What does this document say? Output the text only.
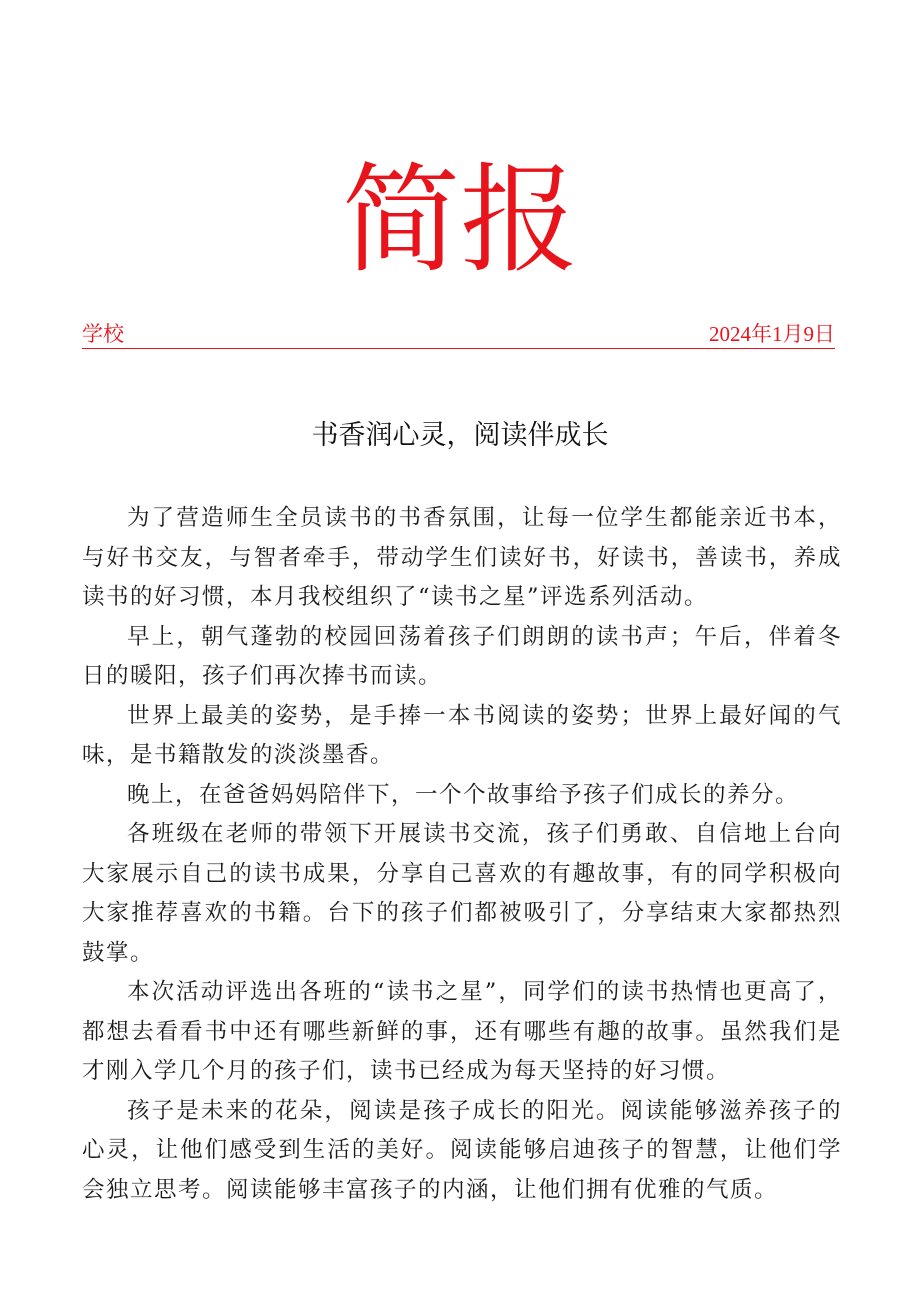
简报
学校	2024年1月9日
书香润心灵，阅读伴成长

为了营造师生全员读书的书香氛围，让每一位学生都能亲近书本，与好书交友，与智者牵手，带动学生们读好书，好读书，善读书，养成读书的好习惯，本月我校组织了“读书之星”评选系列活动。

早上，朝气蓬勃的校园回荡着孩子们朗朗的读书声；午后，伴着冬日的暖阳，孩子们再次捧书而读。

世界上最美的姿势，是手捧一本书阅读的姿势；世界上最好闻的气味，是书籍散发的淡淡墨香。

晚上，在爸爸妈妈陪伴下，一个个故事给予孩子们成长的养分。

各班级在老师的带领下开展读书交流，孩子们勇敢、自信地上台向大家展示自己的读书成果，分享自己喜欢的有趣故事，有的同学积极向大家推荐喜欢的书籍。台下的孩子们都被吸引了，分享结束大家都热烈鼓掌。

本次活动评选出各班的“读书之星”，同学们的读书热情也更高了，都想去看看书中还有哪些新鲜的事，还有哪些有趣的故事。虽然我们是才刚入学几个月的孩子们，读书已经成为每天坚持的好习惯。

孩子是未来的花朵，阅读是孩子成长的阳光。阅读能够滋养孩子的心灵，让他们感受到生活的美好。阅读能够启迪孩子的智慧，让他们学会独立思考。阅读能够丰富孩子的内涵，让他们拥有优雅的气质。
